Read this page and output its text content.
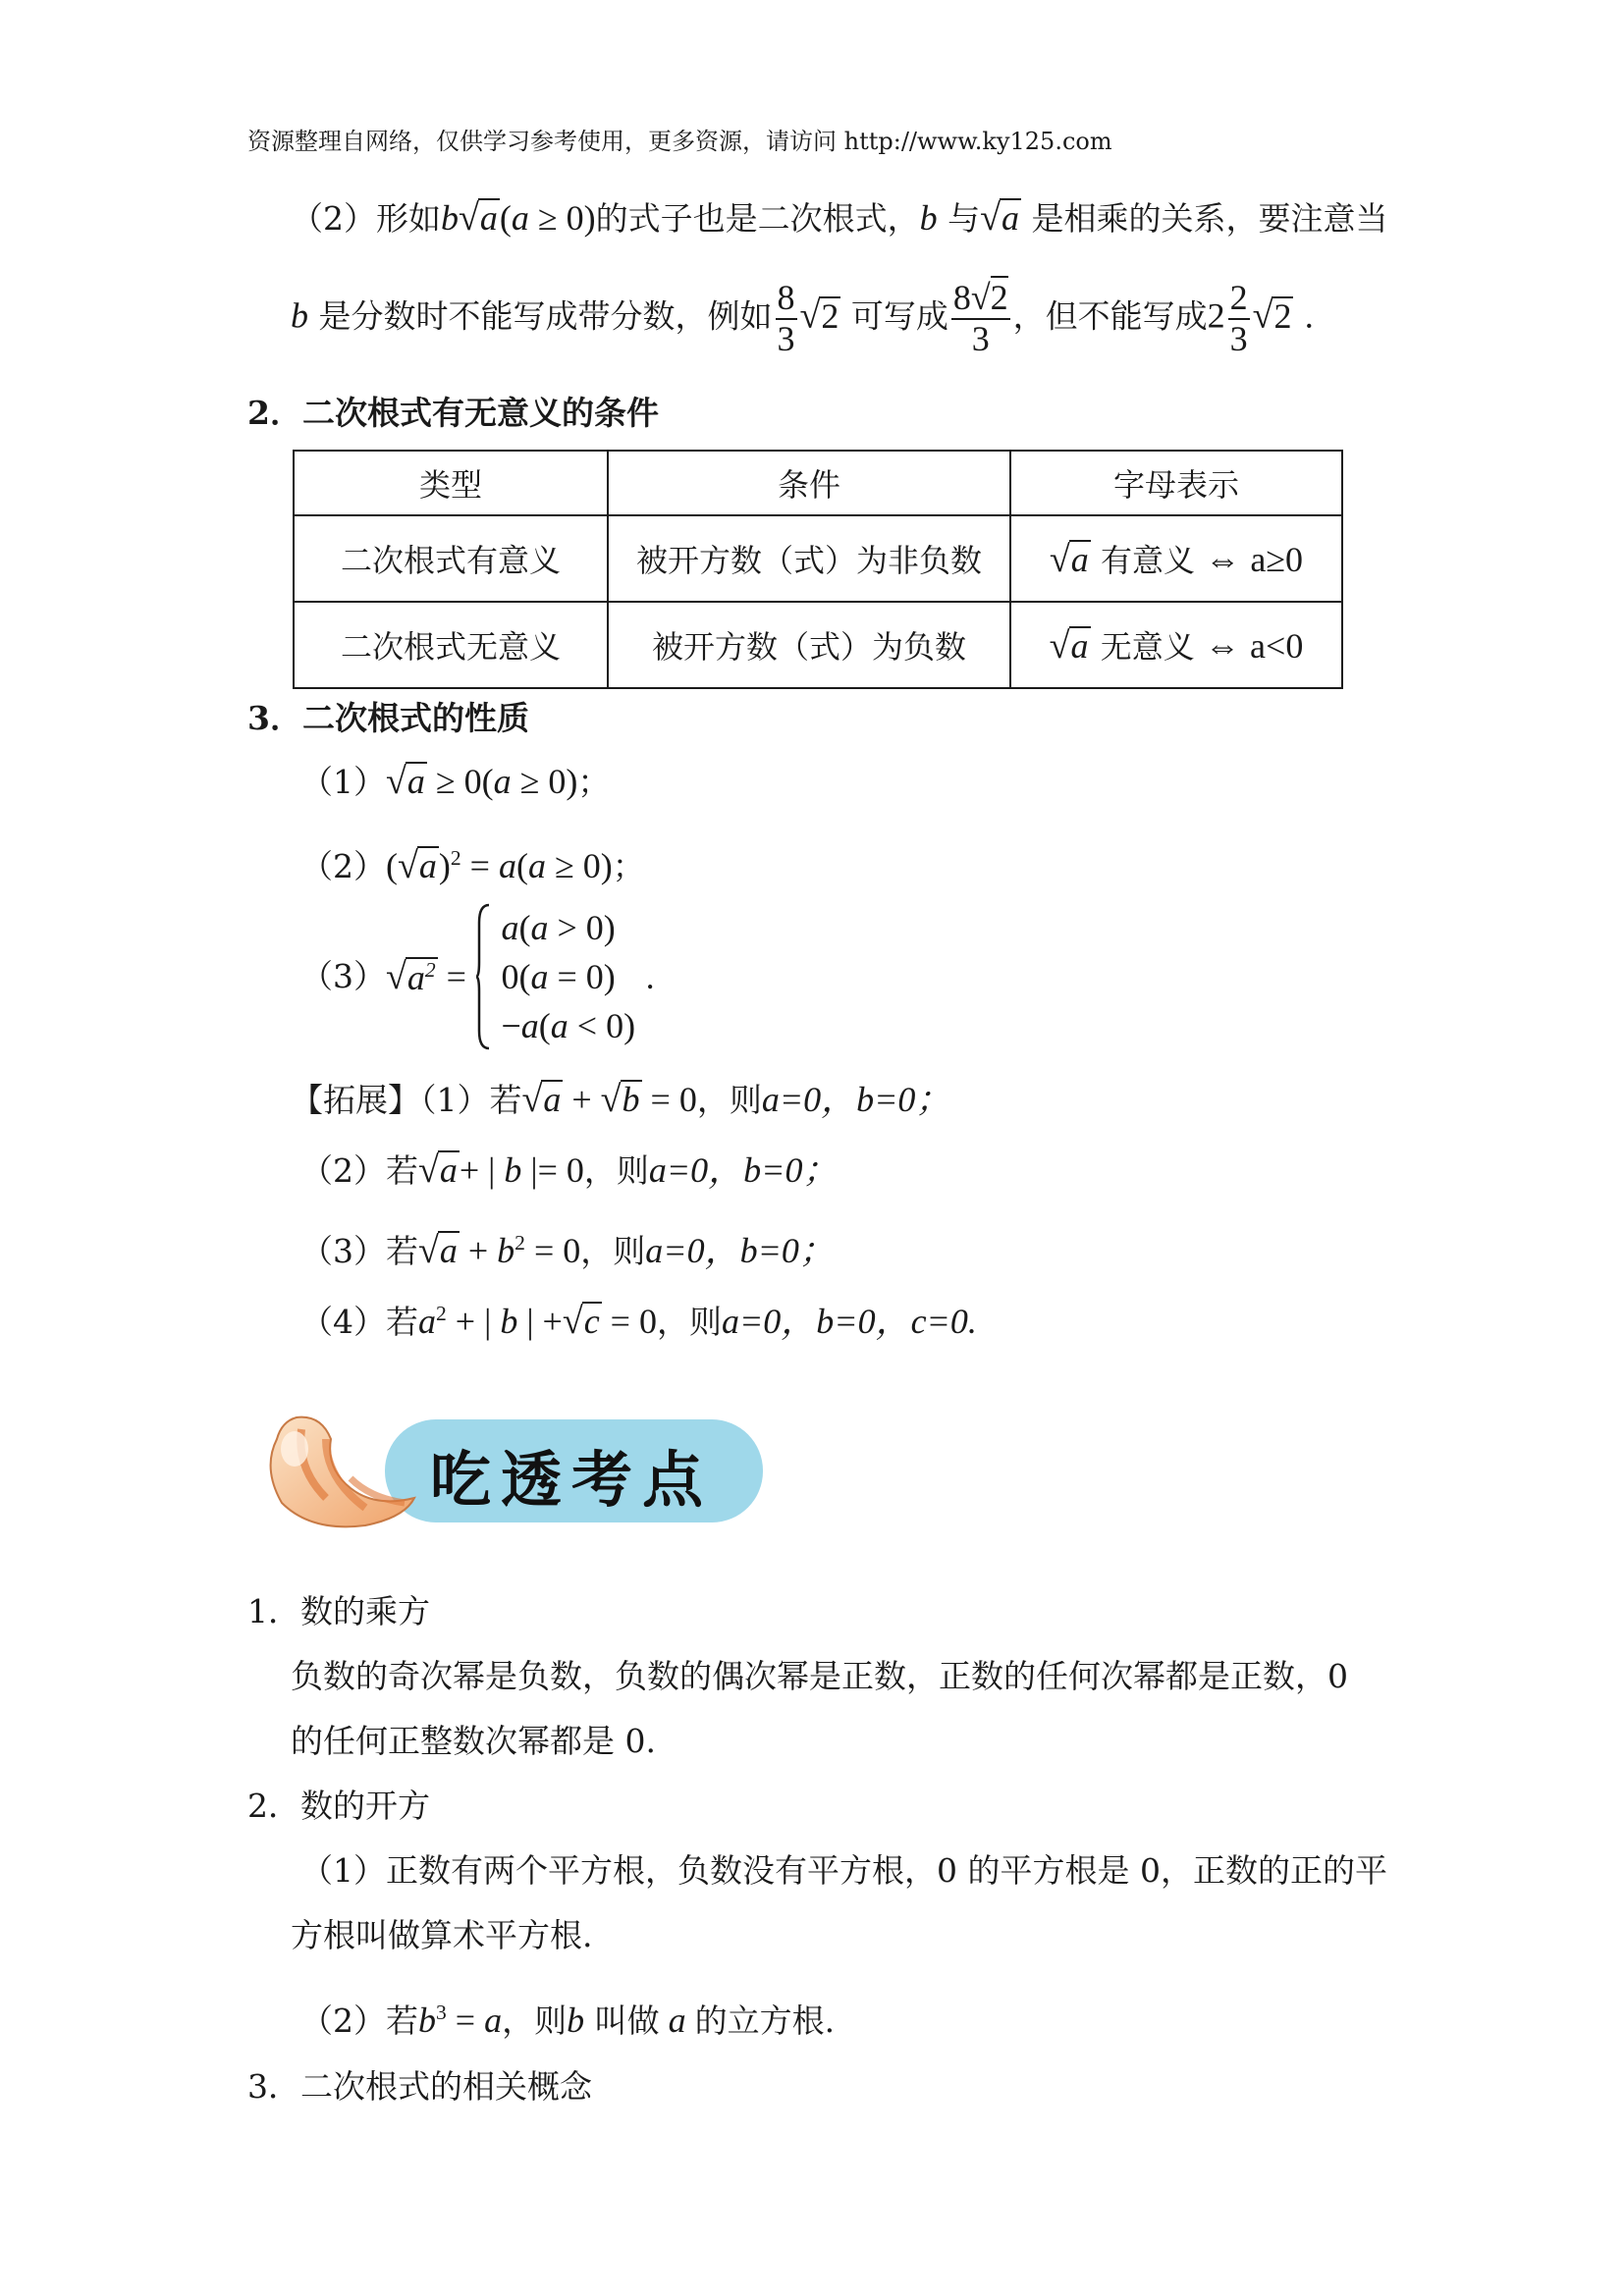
资源整理自网络，仅供学习参考使用，更多资源，请访问 http://www.ky125.com
（2）形如b√a(a ≥ 0)的式子也是二次根式，b 与√a 是相乘的关系，要注意当
b 是分数时不能写成带分数，例如 $\frac{8}{3} √2$ 可写成 $\frac{8√2}{3}$ ，但不能写成$2 \frac{2}{3} √2$ .
2．二次根式有无意义的条件
类型	条件	字母表示
二次根式有意义	被开方数（式）为非负数	√a 有意义 ⇔ a≥0
二次根式无意义	被开方数（式）为负数	√a 无意义 ⇔ a<0
3．二次根式的性质
（1）√a ≥ 0(a ≥ 0)；
$(2)(√a)^2 = a(a \ge 0)$；
$(3)√a^2$ =
a(a > 0)
0(a = 0)
−a(a < 0)
.
【拓展】（1）若√a + √b = 0，则a=0，b=0；
（2）若√a+ | b |= 0，则a=0，b=0；
（3）若$√a + b^2 = 0$，则a=0，b=0；
（4）若$a^2$ + | b | +√c = 0，则a=0，b=0，c=0.
吃透考点
1．数的乘方
负数的奇次幂是负数，负数的偶次幂是正数，正数的任何次幂都是正数，0
的任何正整数次幂都是 0.
2．数的开方
（1）正数有两个平方根，负数没有平方根，0 的平方根是 0，正数的正的平
方根叫做算术平方根.
（2）若$b^3 = a$，则b 叫做 a 的立方根.
3．二次根式的相关概念
